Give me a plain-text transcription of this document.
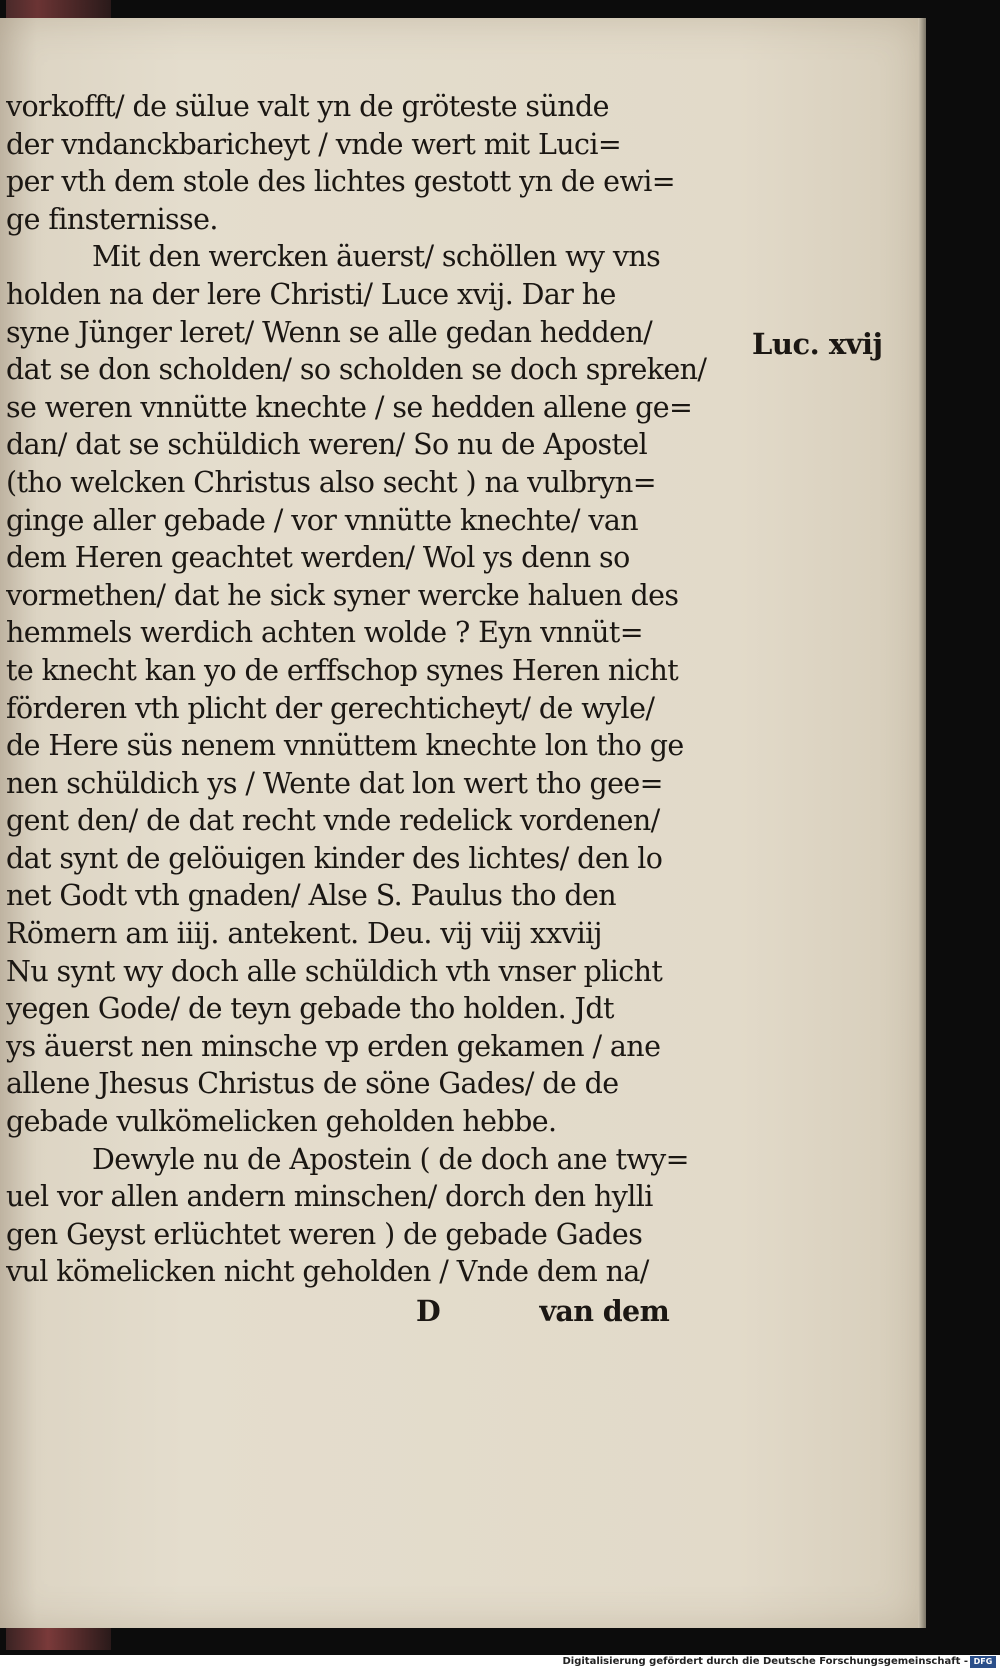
vorkofft/ de sülue valt yn de gröteste sünde
der vndanckbaricheyt / vnde wert mit Luci=
per vth dem stole des lichtes gestott yn de ewi=
ge finsternisse.
Mit den wercken äuerst/ schöllen wy vns
holden na der lere Christi/ Luce xvij. Dar he
syne Jünger leret/ Wenn se alle gedan hedden/
dat se don scholden/ so scholden se doch spreken/
se weren vnnütte knechte / se hedden allene ge=
dan/ dat se schüldich weren/ So nu de Apostel
(tho welcken Christus also secht ) na vulbryn=
ginge aller gebade / vor vnnütte knechte/ van
dem Heren geachtet werden/ Wol ys denn so
vormethen/ dat he sick syner wercke haluen des
hemmels werdich achten wolde ? Eyn vnnüt=
te knecht kan yo de erffschop synes Heren nicht
förderen vth plicht der gerechticheyt/ de wyle/
de Here süs nenem vnnüttem knechte lon tho ge
nen schüldich ys / Wente dat lon wert tho gee=
gent den/ de dat recht vnde redelick vordenen/
dat synt de gelöuigen kinder des lichtes/ den lo
net Godt vth gnaden/ Alse S. Paulus tho den
Römern am iiij. antekent. Deu. vij viij xxviij
Nu synt wy doch alle schüldich vth vnser plicht
yegen Gode/ de teyn gebade tho holden. Jdt
ys äuerst nen minsche vp erden gekamen / ane
allene Jhesus Christus de söne Gades/ de de
gebade vulkömelicken geholden hebbe.
Dewyle nu de Apostein ( de doch ane twy=
uel vor allen andern minschen/ dorch den hylli
gen Geyst erlüchtet weren ) de gebade Gades
vul kömelicken nicht geholden / Vnde dem na/
D	van dem
Luc. xvij
Digitalisierung gefördert durch die Deutsche Forschungsgemeinschaft - DFG
